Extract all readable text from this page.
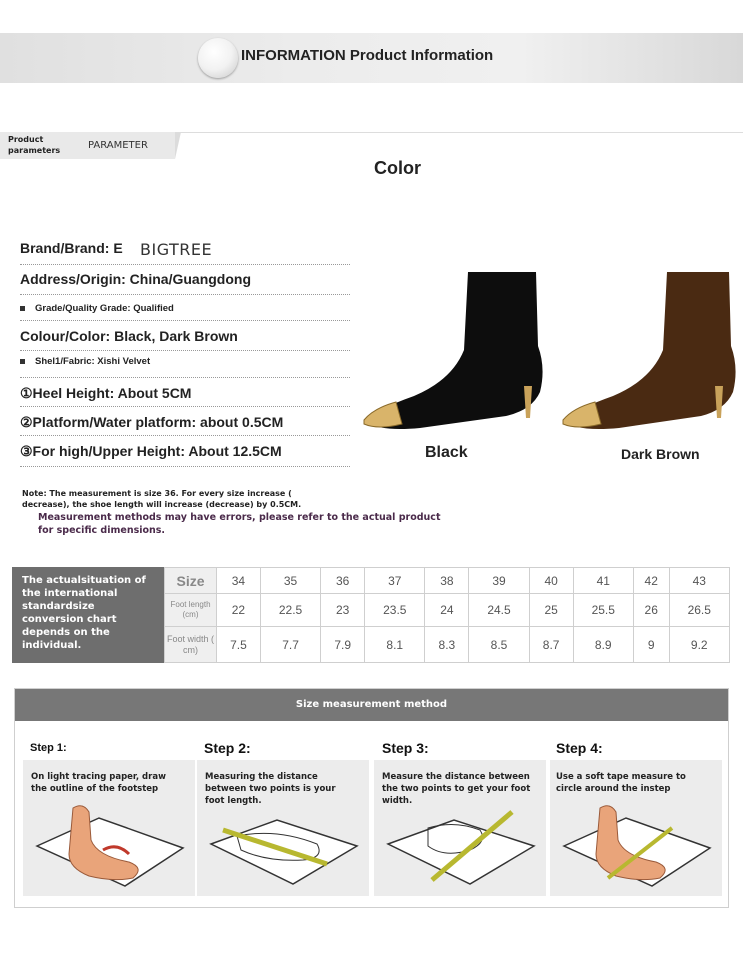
INFORMATION Product Information
Product parameters	PARAMETER
Color
Brand/Brand: E BIGTREE
Address/Origin: China/Guangdong
Grade/Quality Grade: Qualified
Colour/Color: Black, Dark Brown
Shel1/Fabric: Xishi Velvet
①Heel Height: About 5CM
②Platform/Water platform: about 0.5CM
③For high/Upper Height: About 12.5CM	Black	Dark Brown
Note: The measurement is size 36. For every size increase ( decrease), the shoe length will increase (decrease) by 0.5CM.
Measurement methods may have errors, please refer to the actual product for specific dimensions.
The actualsituation of the international standardsize conversion chart depends on the individual.
Size	34	35	36	37	38	39	40	41	42	43
Foot length (cm)	22	22.5	23	23.5	24	24.5	25	25.5	26	26.5
Foot width ( cm)	7.5	7.7	7.9	8.1	8.3	8.5	8.7	8.9	9	9.2
Size measurement method
Step 1:
On light tracing paper, draw the outline of the footstep
Step 2:
Measuring the distance between two points is your foot length.
Step 3:
Measure the distance between the two points to get your foot width.
Step 4:
Use a soft tape measure to circle around the instep
